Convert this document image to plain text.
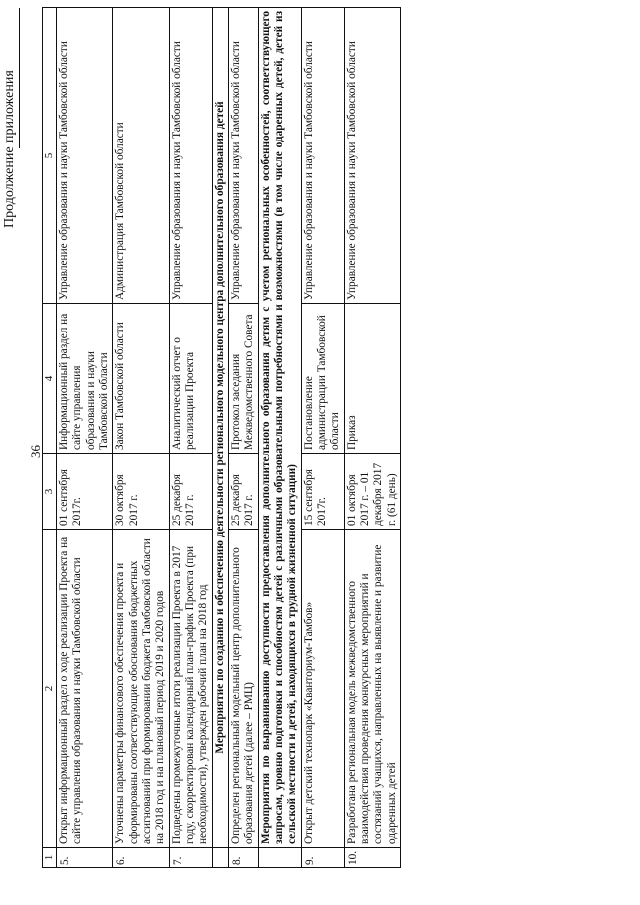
36
Продолжение приложения
1	2	3	4	5
5.	Открыт информационный раздел о ходе реализации Проекта на сайте управления образования и науки Тамбовской области	01 сентября 2017г.	Информационный раздел на сайте управления образования и науки Тамбовской области	Управление образования и науки Тамбовской области
6.	Уточнены параметры финансового обеспечения проекта и сформированы соответствующие обоснования бюджетных ассигнований при формировании бюджета Тамбовской области на 2018 год и на плановый период 2019 и 2020 годов	30 октября 2017 г.	Закон Тамбовской области	Администрация Тамбовской области
7.	Подведены промежуточные итоги реализации Проекта в 2017 году, скорректирован календарный план-график Проекта (при необходимости), утвержден рабочий план на 2018 год	25 декабря 2017 г.	Аналитический отчет о реализации Проекта	Управление образования и науки Тамбовской области
	Мероприятие по созданию и обеспечению деятельности регионального модельного центра дополнительного образования детей			
8.	Определен региональный модельный центр дополнительного образования детей (далее – РМЦ)	25 декабря 2017 г.	Протокол заседания Межведомственного Совета	Управление образования и науки Тамбовской области
	Мероприятия по выравниванию доступности предоставления дополнительного образования детям с учетом региональных особенностей, соответствующего запросам, уровню подготовки и способностям детей с различными образовательными потребностями и возможностями (в том числе одаренных детей, детей из сельской местности и детей, находящихся в трудной жизненной ситуации)			
9.	Открыт детский технопарк «Кванториум-Тамбов»	15 сентября 2017г.	Постановление администрации Тамбовской области	Управление образования и науки Тамбовской области
10.	Разработана региональная модель межведомственного взаимодействия проведения конкурсных мероприятий и состязаний учащихся, направленных на выявление и развитие одаренных детей	01 октября 2017 г. – 01 декабря 2017 г. (61 день)	Приказ	Управление образования и науки Тамбовской области
